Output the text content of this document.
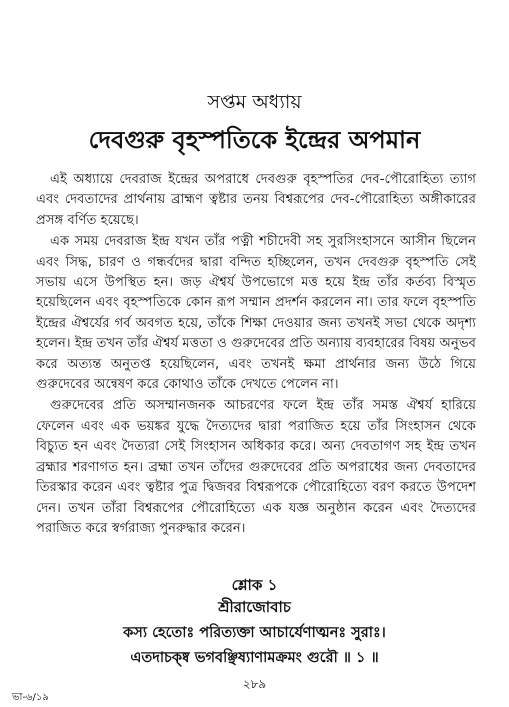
সপ্তম অধ্যায়
দেবগুরু বৃহস্পতিকে ইন্দ্রের অপমান

এই অধ্যায়ে দেবরাজ ইন্দ্রের অপরাধে দেবগুরু বৃহস্পতির দেব-পৌরোহিত্য ত্যাগ এবং দেবতাদের প্রার্থনায় ব্রাহ্মণ ত্বষ্টার তনয় বিশ্বরূপের দেব-পৌরোহিত্য অঙ্গীকারের প্রসঙ্গ বর্ণিত হয়েছে।

এক সময় দেবরাজ ইন্দ্র যখন তাঁর পত্নী শচীদেবী সহ সুরসিংহাসনে আসীন ছিলেন এবং সিদ্ধ, চারণ ও গন্ধর্বদের দ্বারা বন্দিত হচ্ছিলেন, তখন দেবগুরু বৃহস্পতি সেই সভায় এসে উপস্থিত হন। জড় ঐশ্বর্য উপভোগে মত্ত হয়ে ইন্দ্র তাঁর কর্তব্য বিস্মৃত হয়েছিলেন এবং বৃহস্পতিকে কোন রূপ সম্মান প্রদর্শন করলেন না। তার ফলে বৃহস্পতি ইন্দ্রের ঐশ্বর্যের গর্ব অবগত হয়ে, তাঁকে শিক্ষা দেওয়ার জন্য তখনই সভা থেকে অদৃশ্য হলেন। ইন্দ্র তখন তাঁর ঐশ্বর্য মত্ততা ও গুরুদেবের প্রতি অন্যায় ব্যবহারের বিষয় অনুভব করে অত্যন্ত অনুতপ্ত হয়েছিলেন, এবং তখনই ক্ষমা প্রার্থনার জন্য উঠে গিয়ে গুরুদেবের অন্বেষণ করে কোথাও তাঁকে দেখতে পেলেন না।

গুরুদেবের প্রতি অসম্মানজনক আচরণের ফলে ইন্দ্র তাঁর সমস্ত ঐশ্বর্য হারিয়ে ফেলেন এবং এক ভয়ঙ্কর যুদ্ধে দৈত্যদের দ্বারা পরাজিত হয়ে তাঁর সিংহাসন থেকে বিচ্যুত হন এবং দৈত্যরা সেই সিংহাসন অধিকার করে। অন্য দেবতাগণ সহ ইন্দ্র তখন ব্রহ্মার শরণাগত হন। ব্রহ্মা তখন তাঁদের গুরুদেবের প্রতি অপরাধের জন্য দেবতাদের তিরস্কার করেন এবং ত্বষ্টার পুত্র দ্বিজবর বিশ্বরূপকে পৌরোহিত্যে বরণ করতে উপদেশ দেন। তখন তাঁরা বিশ্বরূপের পৌরোহিত্যে এক যজ্ঞ অনুষ্ঠান করেন এবং দৈত্যদের পরাজিত করে স্বর্গরাজ্য পুনরুদ্ধার করেন।

শ্লোক ১
শ্রীরাজোবাচ
কস্য হেতোঃ পরিত্যক্তা আচার্যেণাত্মনঃ সুরাঃ।
এতদাচক্ষ্ব ভগবঞ্ছিষ্যাণামক্রমং গুরৌ ॥ ১ ॥
২৮৯
ভা-৬/১৯
